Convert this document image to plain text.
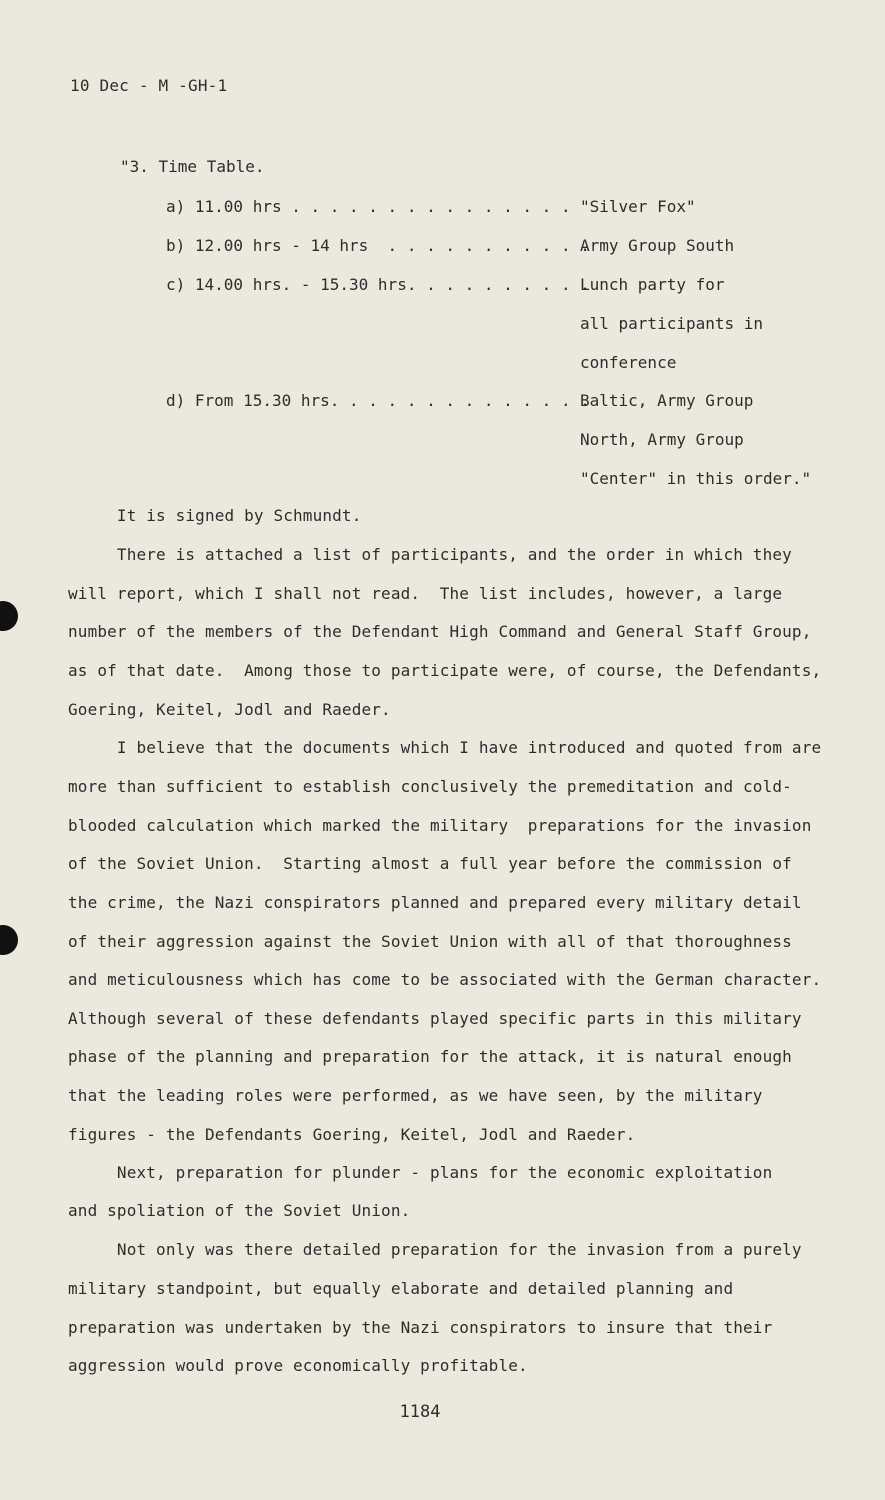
10 Dec - M -GH-1
"3. Time Table.
a) 11.00 hrs . . . . . . . . . . . . . . . "Silver Fox"
b) 12.00 hrs - 14 hrs  . . . . . . . . . . .
Army Group South
c) 14.00 hrs. - 15.30 hrs. . . . . . . . . .
Lunch party for
all participants in
conference
d) From 15.30 hrs. . . . . . . . . . . . . .
Baltic, Army Group
North, Army Group
"Center" in this order."
It is signed by Schmundt.
There is attached a list of participants, and the order in which they
will report, which I shall not read.  The list includes, however, a large
number of the members of the Defendant High Command and General Staff Group,
as of that date.  Among those to participate were, of course, the Defendants,
Goering, Keitel, Jodl and Raeder.
I believe that the documents which I have introduced and quoted from are
more than sufficient to establish conclusively the premeditation and cold-
blooded calculation which marked the military  preparations for the invasion
of the Soviet Union.  Starting almost a full year before the commission of
the crime, the Nazi conspirators planned and prepared every military detail
of their aggression against the Soviet Union with all of that thoroughness
and meticulousness which has come to be associated with the German character.
Although several of these defendants played specific parts in this military
phase of the planning and preparation for the attack, it is natural enough
that the leading roles were performed, as we have seen, by the military
figures - the Defendants Goering, Keitel, Jodl and Raeder.
Next, preparation for plunder - plans for the economic exploitation
and spoliation of the Soviet Union.
Not only was there detailed preparation for the invasion from a purely
military standpoint, but equally elaborate and detailed planning and
preparation was undertaken by the Nazi conspirators to insure that their
aggression would prove economically profitable.
1184
